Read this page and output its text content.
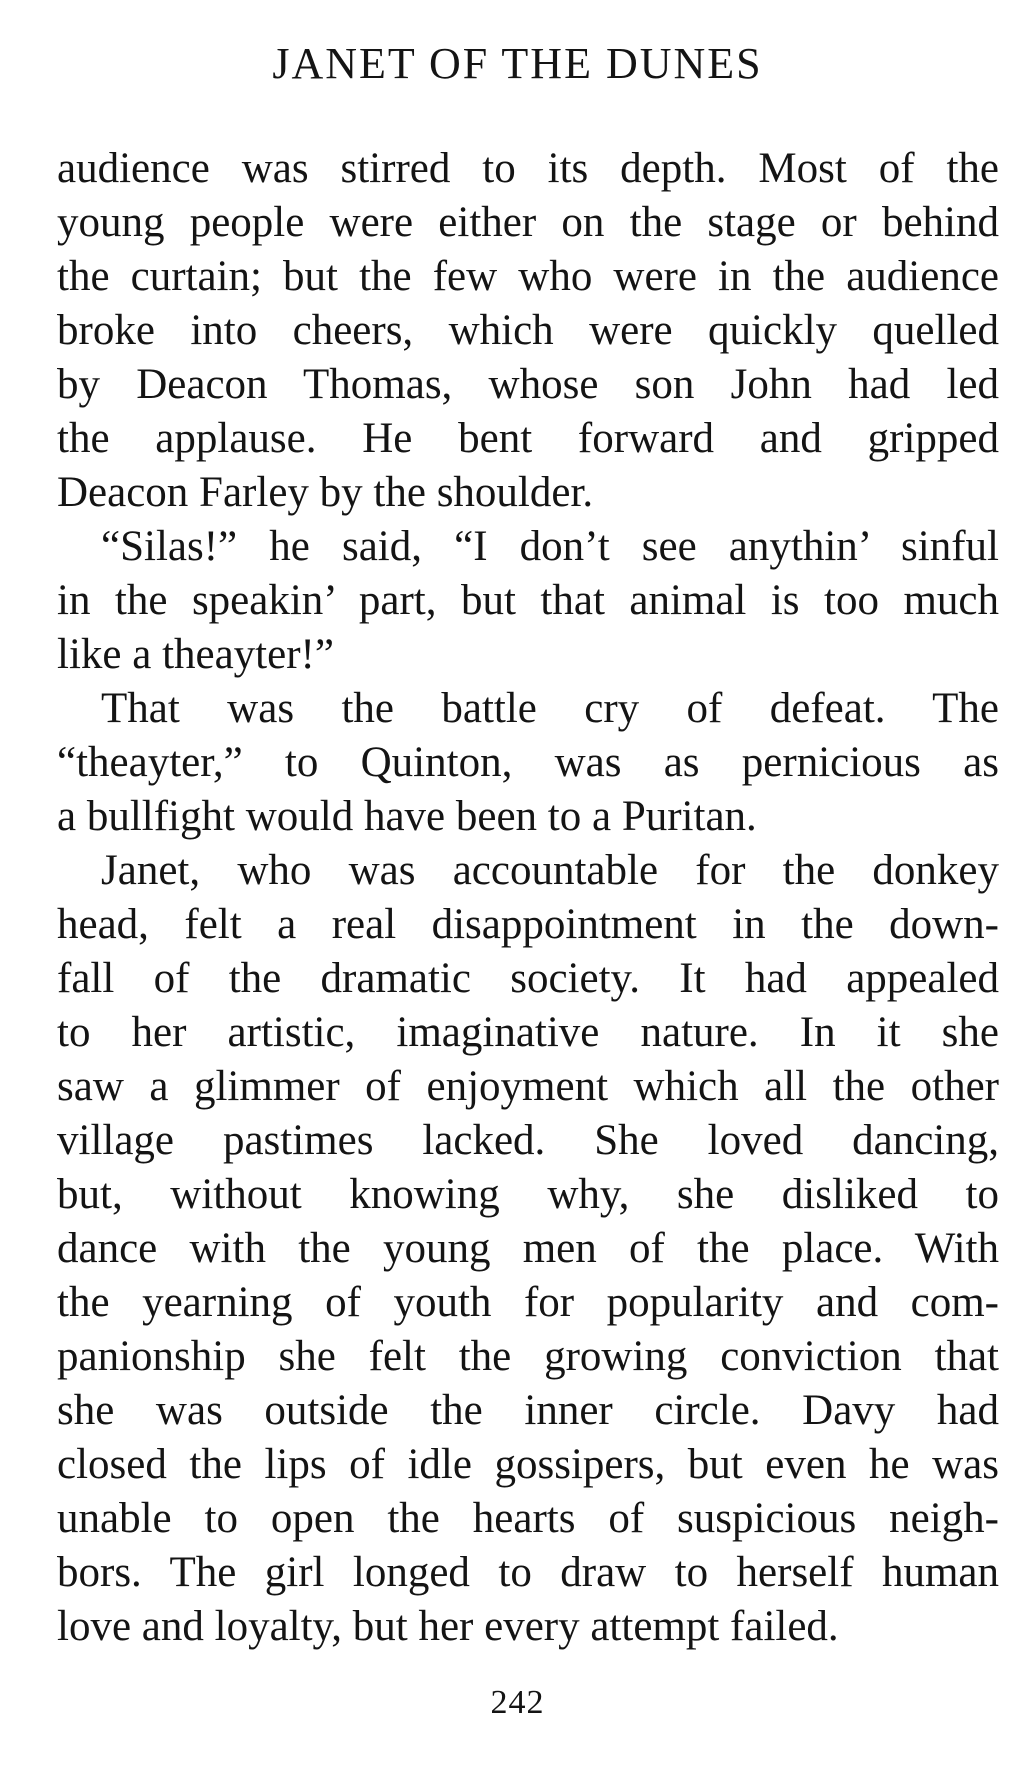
JANET OF THE DUNES
audience was stirred to its depth. Most of the
young people were either on the stage or behind
the curtain; but the few who were in the audience
broke into cheers, which were quickly quelled
by Deacon Thomas, whose son John had led
the applause. He bent forward and gripped
Deacon Farley by the shoulder.
“Silas!” he said, “I don’t see anythin’ sinful
in the speakin’ part, but that animal is too much
like a theayter!”
That was the battle cry of defeat. The
“theayter,” to Quinton, was as pernicious as
a bullfight would have been to a Puritan.
Janet, who was accountable for the donkey
head, felt a real disappointment in the down-
fall of the dramatic society. It had appealed
to her artistic, imaginative nature. In it she
saw a glimmer of enjoyment which all the other
village pastimes lacked. She loved dancing,
but, without knowing why, she disliked to
dance with the young men of the place. With
the yearning of youth for popularity and com-
panionship she felt the growing conviction that
she was outside the inner circle. Davy had
closed the lips of idle gossipers, but even he was
unable to open the hearts of suspicious neigh-
bors. The girl longed to draw to herself human
love and loyalty, but her every attempt failed.
242
